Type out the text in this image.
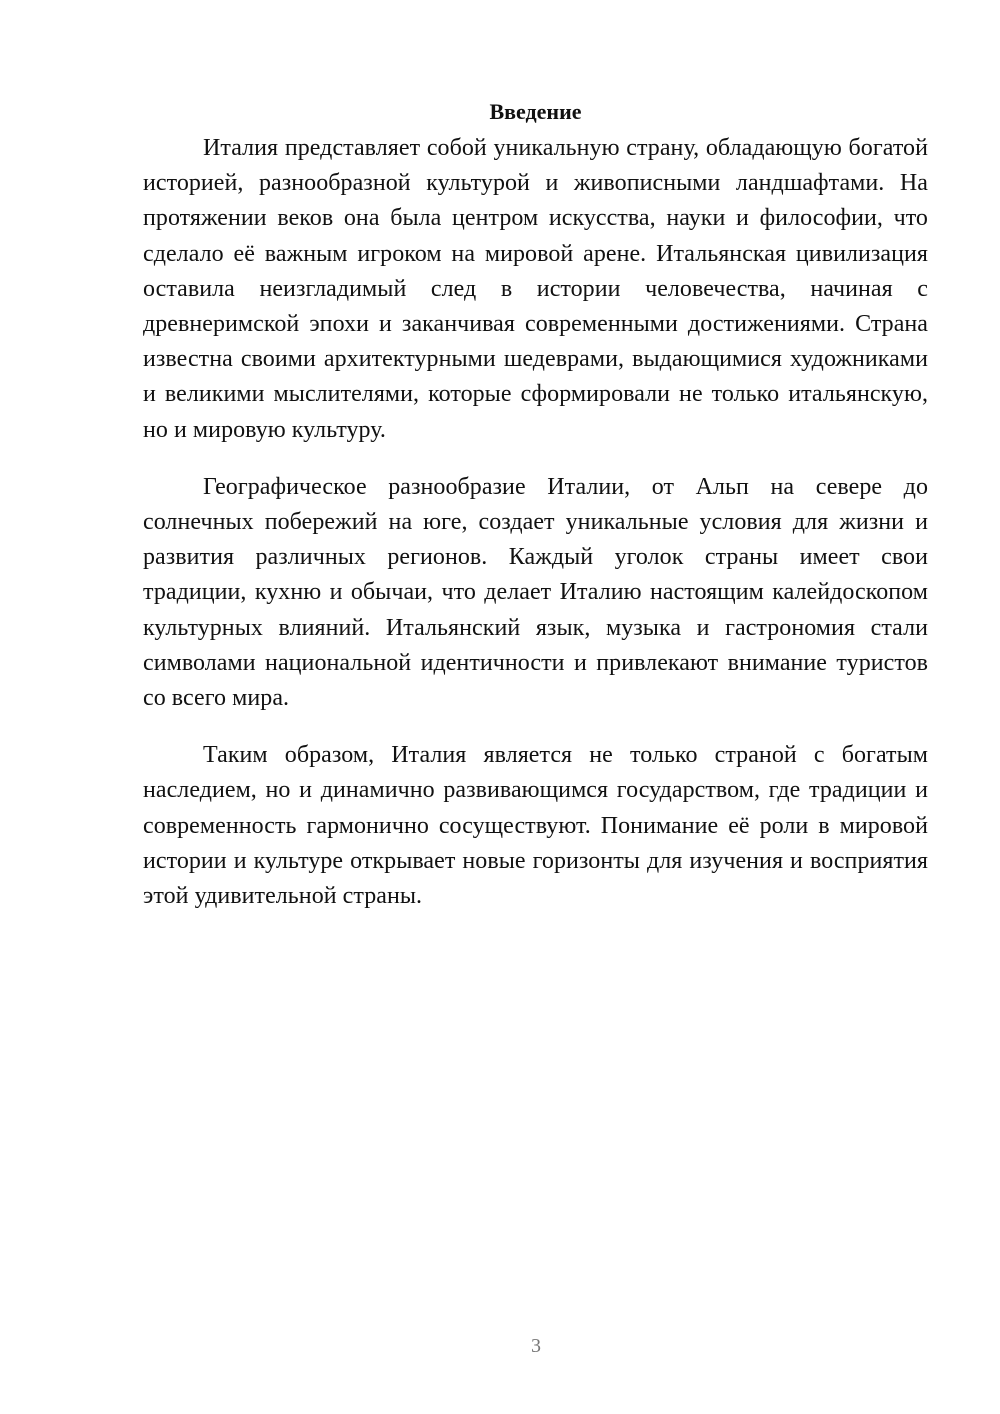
Введение

Италия представляет собой уникальную страну, обладающую богатой историей, разнообразной культурой и живописными ландшафтами. На протяжении веков она была центром искусства, науки и философии, что сделало её важным игроком на мировой арене. Итальянская цивилизация оставила неизгладимый след в истории человечества, начиная с древнеримской эпохи и заканчивая современными достижениями. Страна известна своими архитектурными шедеврами, выдающимися художниками и великими мыслителями, которые сформировали не только итальянскую, но и мировую культуру.

Географическое разнообразие Италии, от Альп на севере до солнечных побережий на юге, создает уникальные условия для жизни и развития различных регионов. Каждый уголок страны имеет свои традиции, кухню и обычаи, что делает Италию настоящим калейдоскопом культурных влияний. Итальянский язык, музыка и гастрономия стали символами национальной идентичности и привлекают внимание туристов со всего мира.

Таким образом, Италия является не только страной с богатым наследием, но и динамично развивающимся государством, где традиции и современность гармонично сосуществуют. Понимание её роли в мировой истории и культуре открывает новые горизонты для изучения и восприятия этой удивительной страны.

3
